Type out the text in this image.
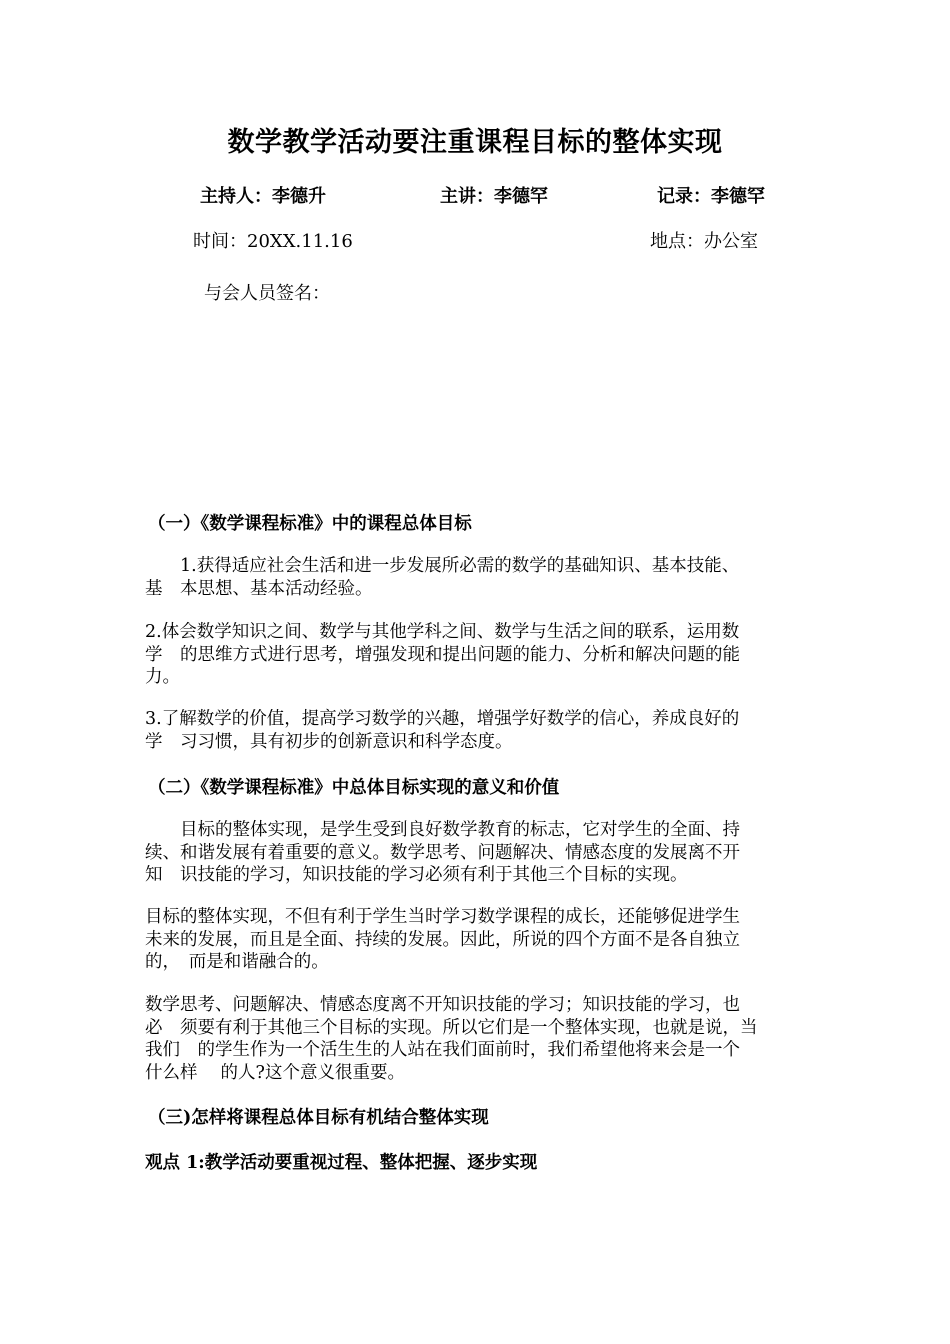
数学教学活动要注重课程目标的整体实现
主持人：李德升	主讲：李德罕	记录：李德罕
时间：20XX.11.16	地点：办公室
与会人员签名：
（一）《数学课程标准》中的课程总体目标
　　1.获得适应社会生活和进一步发展所必需的数学的基础知识、基本技能、
基　本思想、基本活动经验。
2.体会数学知识之间、数学与其他学科之间、数学与生活之间的联系，运用数
学　的思维方式进行思考，增强发现和提出问题的能力、分析和解决问题的能
力。
3.了解数学的价值，提高学习数学的兴趣，增强学好数学的信心，养成良好的
学　习习惯，具有初步的创新意识和科学态度。
（二）《数学课程标准》中总体目标实现的意义和价值
　　目标的整体实现，是学生受到良好数学教育的标志，它对学生的全面、持
续、和谐发展有着重要的意义。数学思考、问题解决、情感态度的发展离不开
知　识技能的学习，知识技能的学习必须有利于其他三个目标的实现。
目标的整体实现，不但有利于学生当时学习数学课程的成长，还能够促进学生
未来的发展，而且是全面、持续的发展。因此，所说的四个方面不是各自独立
的，　而是和谐融合的。
数学思考、问题解决、情感态度离不开知识技能的学习；知识技能的学习，也
必　须要有利于其他三个目标的实现。所以它们是一个整体实现，也就是说，当
我们　的学生作为一个活生生的人站在我们面前时，我们希望他将来会是一个
什么样　 的人?这个意义很重要。
（三)怎样将课程总体目标有机结合整体实现
观点 1:教学活动要重视过程、整体把握、逐步实现
